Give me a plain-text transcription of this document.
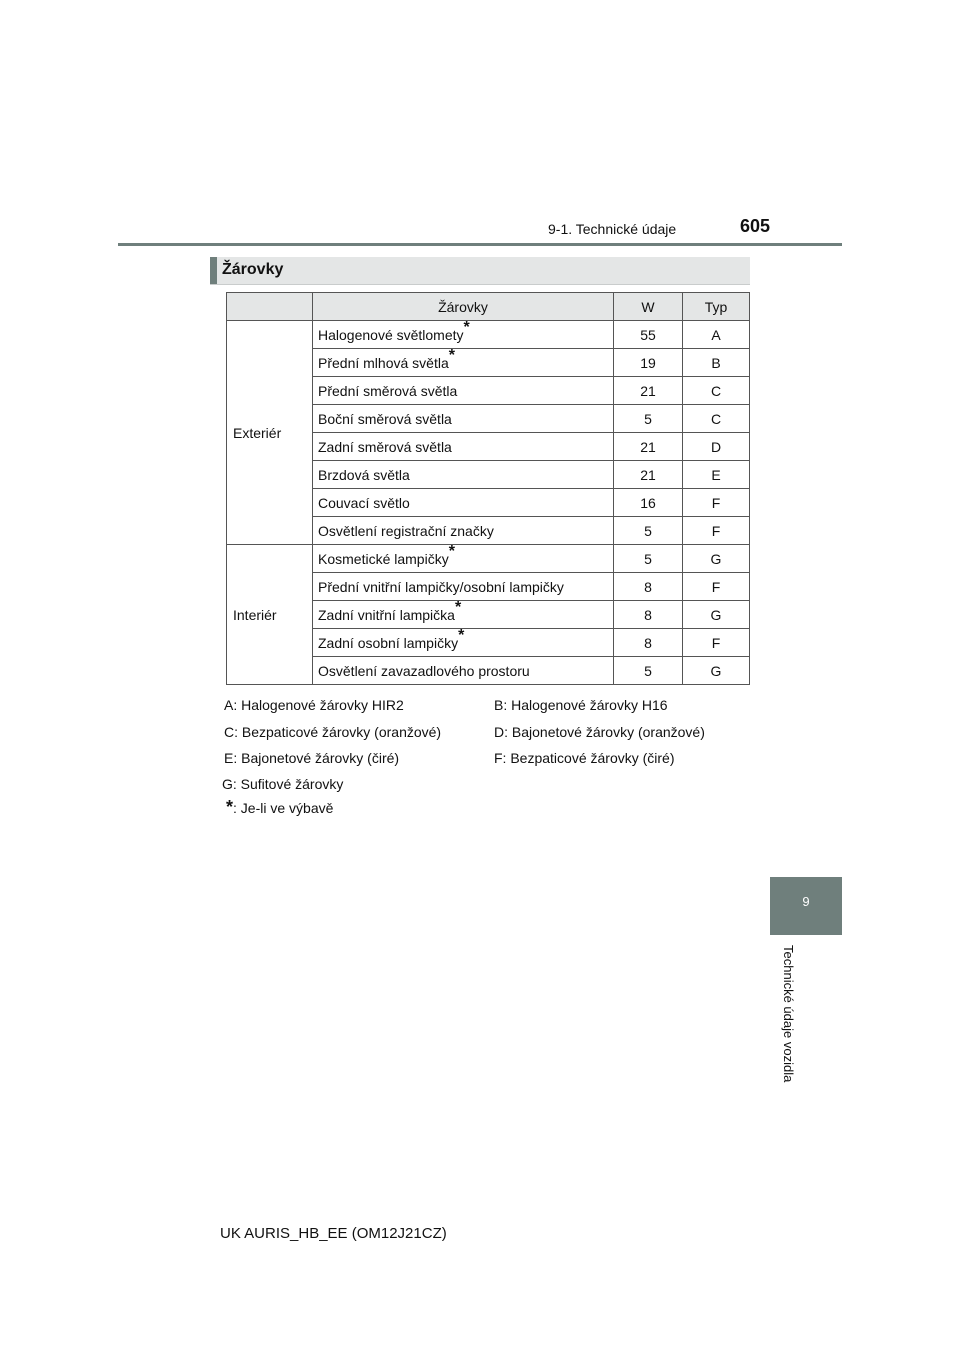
9-1. Technické údaje	605
Žárovky
	Žárovky	W	Typ
Exteriér	Halogenové světlomety*	55	A
	Přední mlhová světla*	19	B
	Přední směrová světla	21	C
	Boční směrová světla	5	C
	Zadní směrová světla	21	D
	Brzdová světla	21	E
	Couvací světlo	16	F
	Osvětlení registrační značky	5	F
Interiér	Kosmetické lampičky*	5	G
	Přední vnitřní lampičky/osobní lampičky	8	F
	Zadní vnitřní lampička*	8	G
	Zadní osobní lampičky*	8	F
	Osvětlení zavazadlového prostoru	5	G
A: Halogenové žárovky HIR2	B: Halogenové žárovky H16
C: Bezpaticové žárovky (oranžové)	D: Bajonetové žárovky (oranžové)
E: Bajonetové žárovky (čiré)	F: Bezpaticové žárovky (čiré)
G: Sufitové žárovky
*: Je-li ve výbavě
9
Technické údaje vozidla
UK AURIS_HB_EE (OM12J21CZ)
